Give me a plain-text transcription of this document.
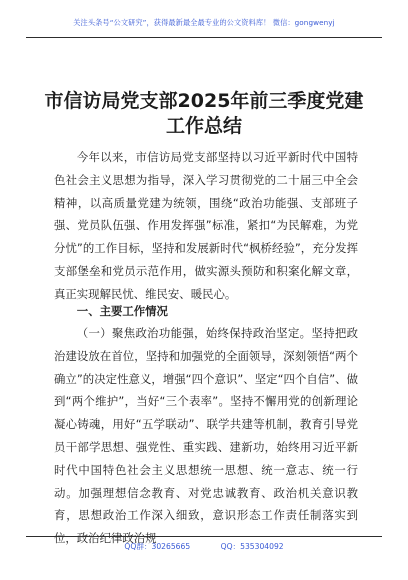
关注头条号“公文研究”，获得最新最全最专业的公文资料库！ 微信：gongwenyj
市信访局党支部2025年前三季度党建
工作总结
今年以来，市信访局党支部坚持以习近平新时代中国特色社会主义思想为指导，深入学习贯彻党的二十届三中全会精神，以高质量党建为统领，围绕“政治功能强、支部班子强、党员队伍强、作用发挥强”标准，紧扣“为民解难，为党分忧”的工作目标，坚持和发展新时代“枫桥经验”，充分发挥支部堡垒和党员示范作用，做实源头预防和积案化解文章，真正实现解民忧、维民安、暖民心。
一、主要工作情况
（一）聚焦政治功能强，始终保持政治坚定。坚持把政治建设放在首位，坚持和加强党的全面领导，深刻领悟“两个确立”的决定性意义，增强“四个意识”、坚定“四个自信”、做到“两个维护”，当好“三个表率”。坚持不懈用党的创新理论凝心铸魂，用好“五学联动”、联学共建等机制，教育引导党员干部学思想、强党性、重实践、建新功，始终用习近平新时代中国特色社会主义思想统一思想、统一意志、统一行动。加强理想信念教育、对党忠诚教育、政治机关意识教育，思想政治工作深入细致，意识形态工作责任制落实到位，政治纪律政治规
QQ群：30265665	QQ：535304092
